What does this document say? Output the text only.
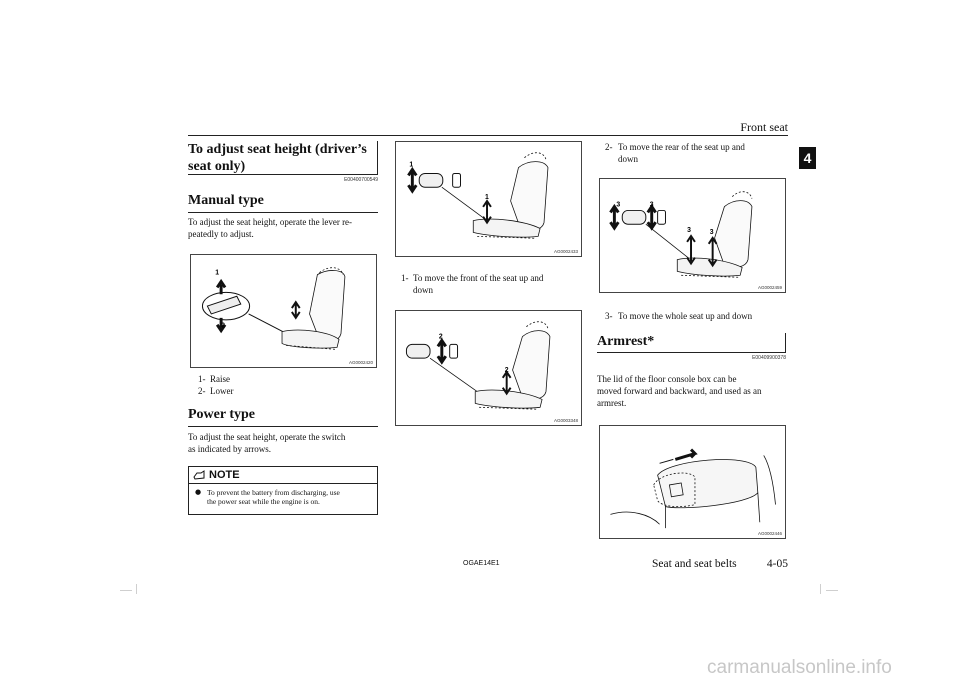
Front seat
4
To adjust seat height (driver’s
seat only)
E00400700549
Manual type
To adjust the seat height, operate the lever re-
peatedly to adjust.
1
2
AG0002420
1- Raise
2- Lower
Power type
To adjust the seat height, operate the switch
as indicated by arrows.
NOTE
● To prevent the battery from discharging, use
the power seat while the engine is on.
1
1
AG0002433
1- To move the front of the seat up and
down
2
2
AG0003348
2- To move the rear of the seat up and
down
3	3
3	3
AG0002459
3- To move the whole seat up and down
Armrest*
E00409900378
The lid of the floor console box can be
moved forward and backward, and used as an
armrest.
AG0002446
OGAE14E1	Seat and seat belts	4-05
carmanualsonline.info
